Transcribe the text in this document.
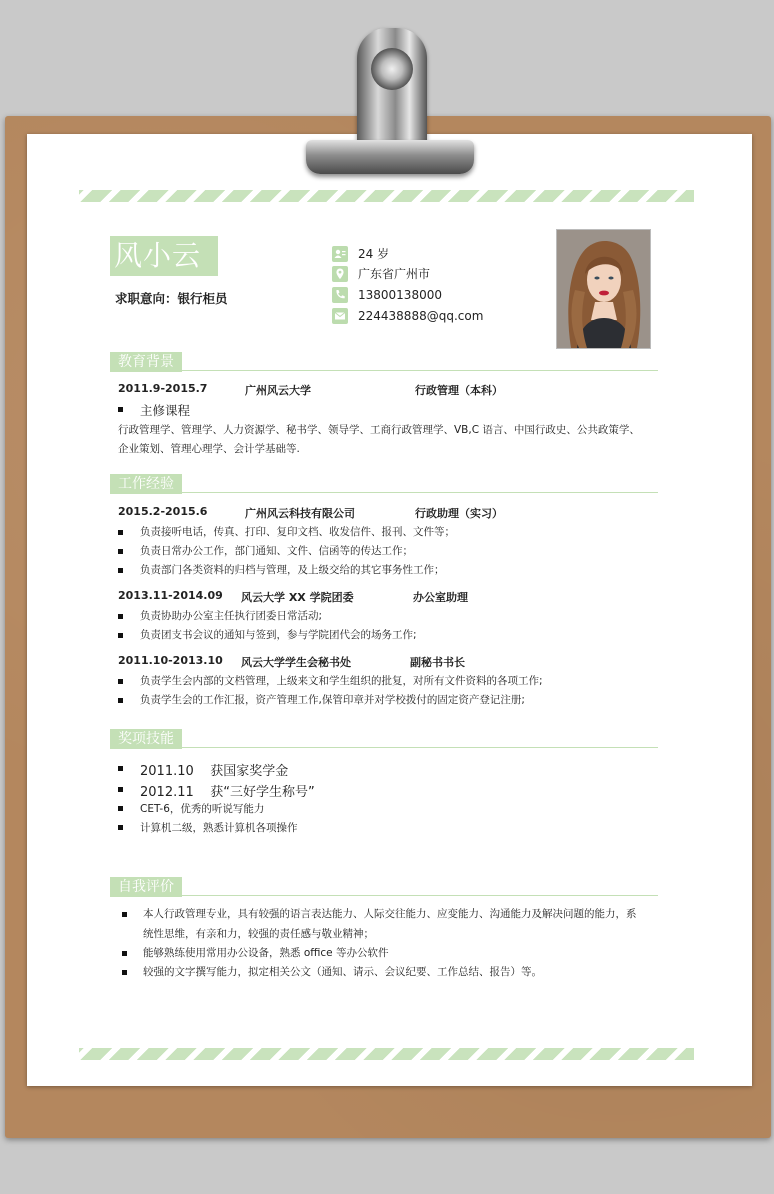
风小云
求职意向：银行柜员
24 岁
广东省广州市
13800138000
224438888@qq.com
教育背景
2011.9-2015.7	广州风云大学	行政管理（本科）
主修课程
行政管理学、管理学、人力资源学、秘书学、领导学、工商行政管理学、VB,C 语言、中国行政史、公共政策学、
企业策划、管理心理学、会计学基础等.
工作经验
2015.2-2015.6	广州风云科技有限公司	行政助理（实习）
负责接听电话，传真、打印、复印文档、收发信件、报刊、文件等；
负责日常办公工作，部门通知、文件、信函等的传达工作；
负责部门各类资料的归档与管理，及上级交给的其它事务性工作；
2013.11-2014.09 风云大学 XX 学院团委	办公室助理
负责协助办公室主任执行团委日常活动;
负责团支书会议的通知与签到，参与学院团代会的场务工作;
2011.10-2013.10 风云大学学生会秘书处	副秘书书长
负责学生会内部的文档管理，上级来文和学生组织的批复，对所有文件资料的各项工作;
负责学生会的工作汇报，资产管理工作,保管印章并对学校拨付的固定资产登记注册;
奖项技能
2011.10    获国家奖学金
2012.11    获“三好学生称号”
CET-6，优秀的听说写能力
计算机二级，熟悉计算机各项操作
自我评价
本人行政管理专业，具有较强的语言表达能力、人际交往能力、应变能力、沟通能力及解决问题的能力，系
统性思维，有亲和力，较强的责任感与敬业精神；
能够熟练使用常用办公设备，熟悉 office 等办公软件
较强的文字撰写能力，拟定相关公文（通知、请示、会议纪要、工作总结、报告）等。
